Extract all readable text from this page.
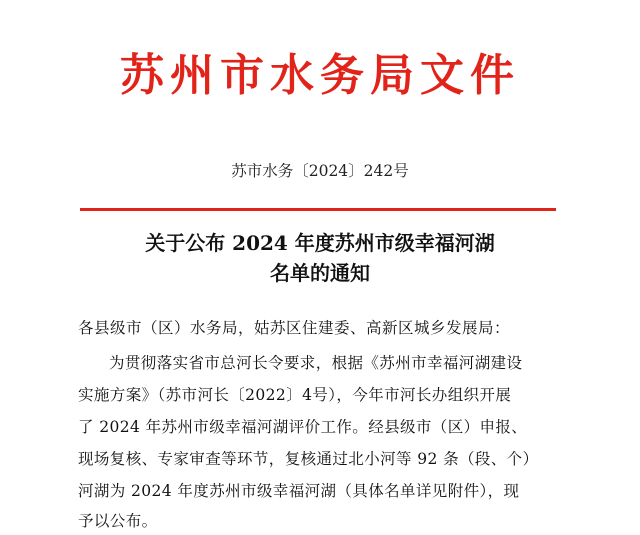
苏州市水务局文件
苏市水务〔2024〕242号
关于公布 2024 年度苏州市级幸福河湖
名单的通知
各县级市（区）水务局，姑苏区住建委、高新区城乡发展局：
为贯彻落实省市总河长令要求，根据《苏州市幸福河湖建设
实施方案》（苏市河长〔2022〕4号），今年市河长办组织开展
了 2024 年苏州市级幸福河湖评价工作。经县级市（区）申报、
现场复核、专家审查等环节，复核通过北小河等 92 条（段、个）
河湖为 2024 年度苏州市级幸福河湖（具体名单详见附件），现
予以公布。
